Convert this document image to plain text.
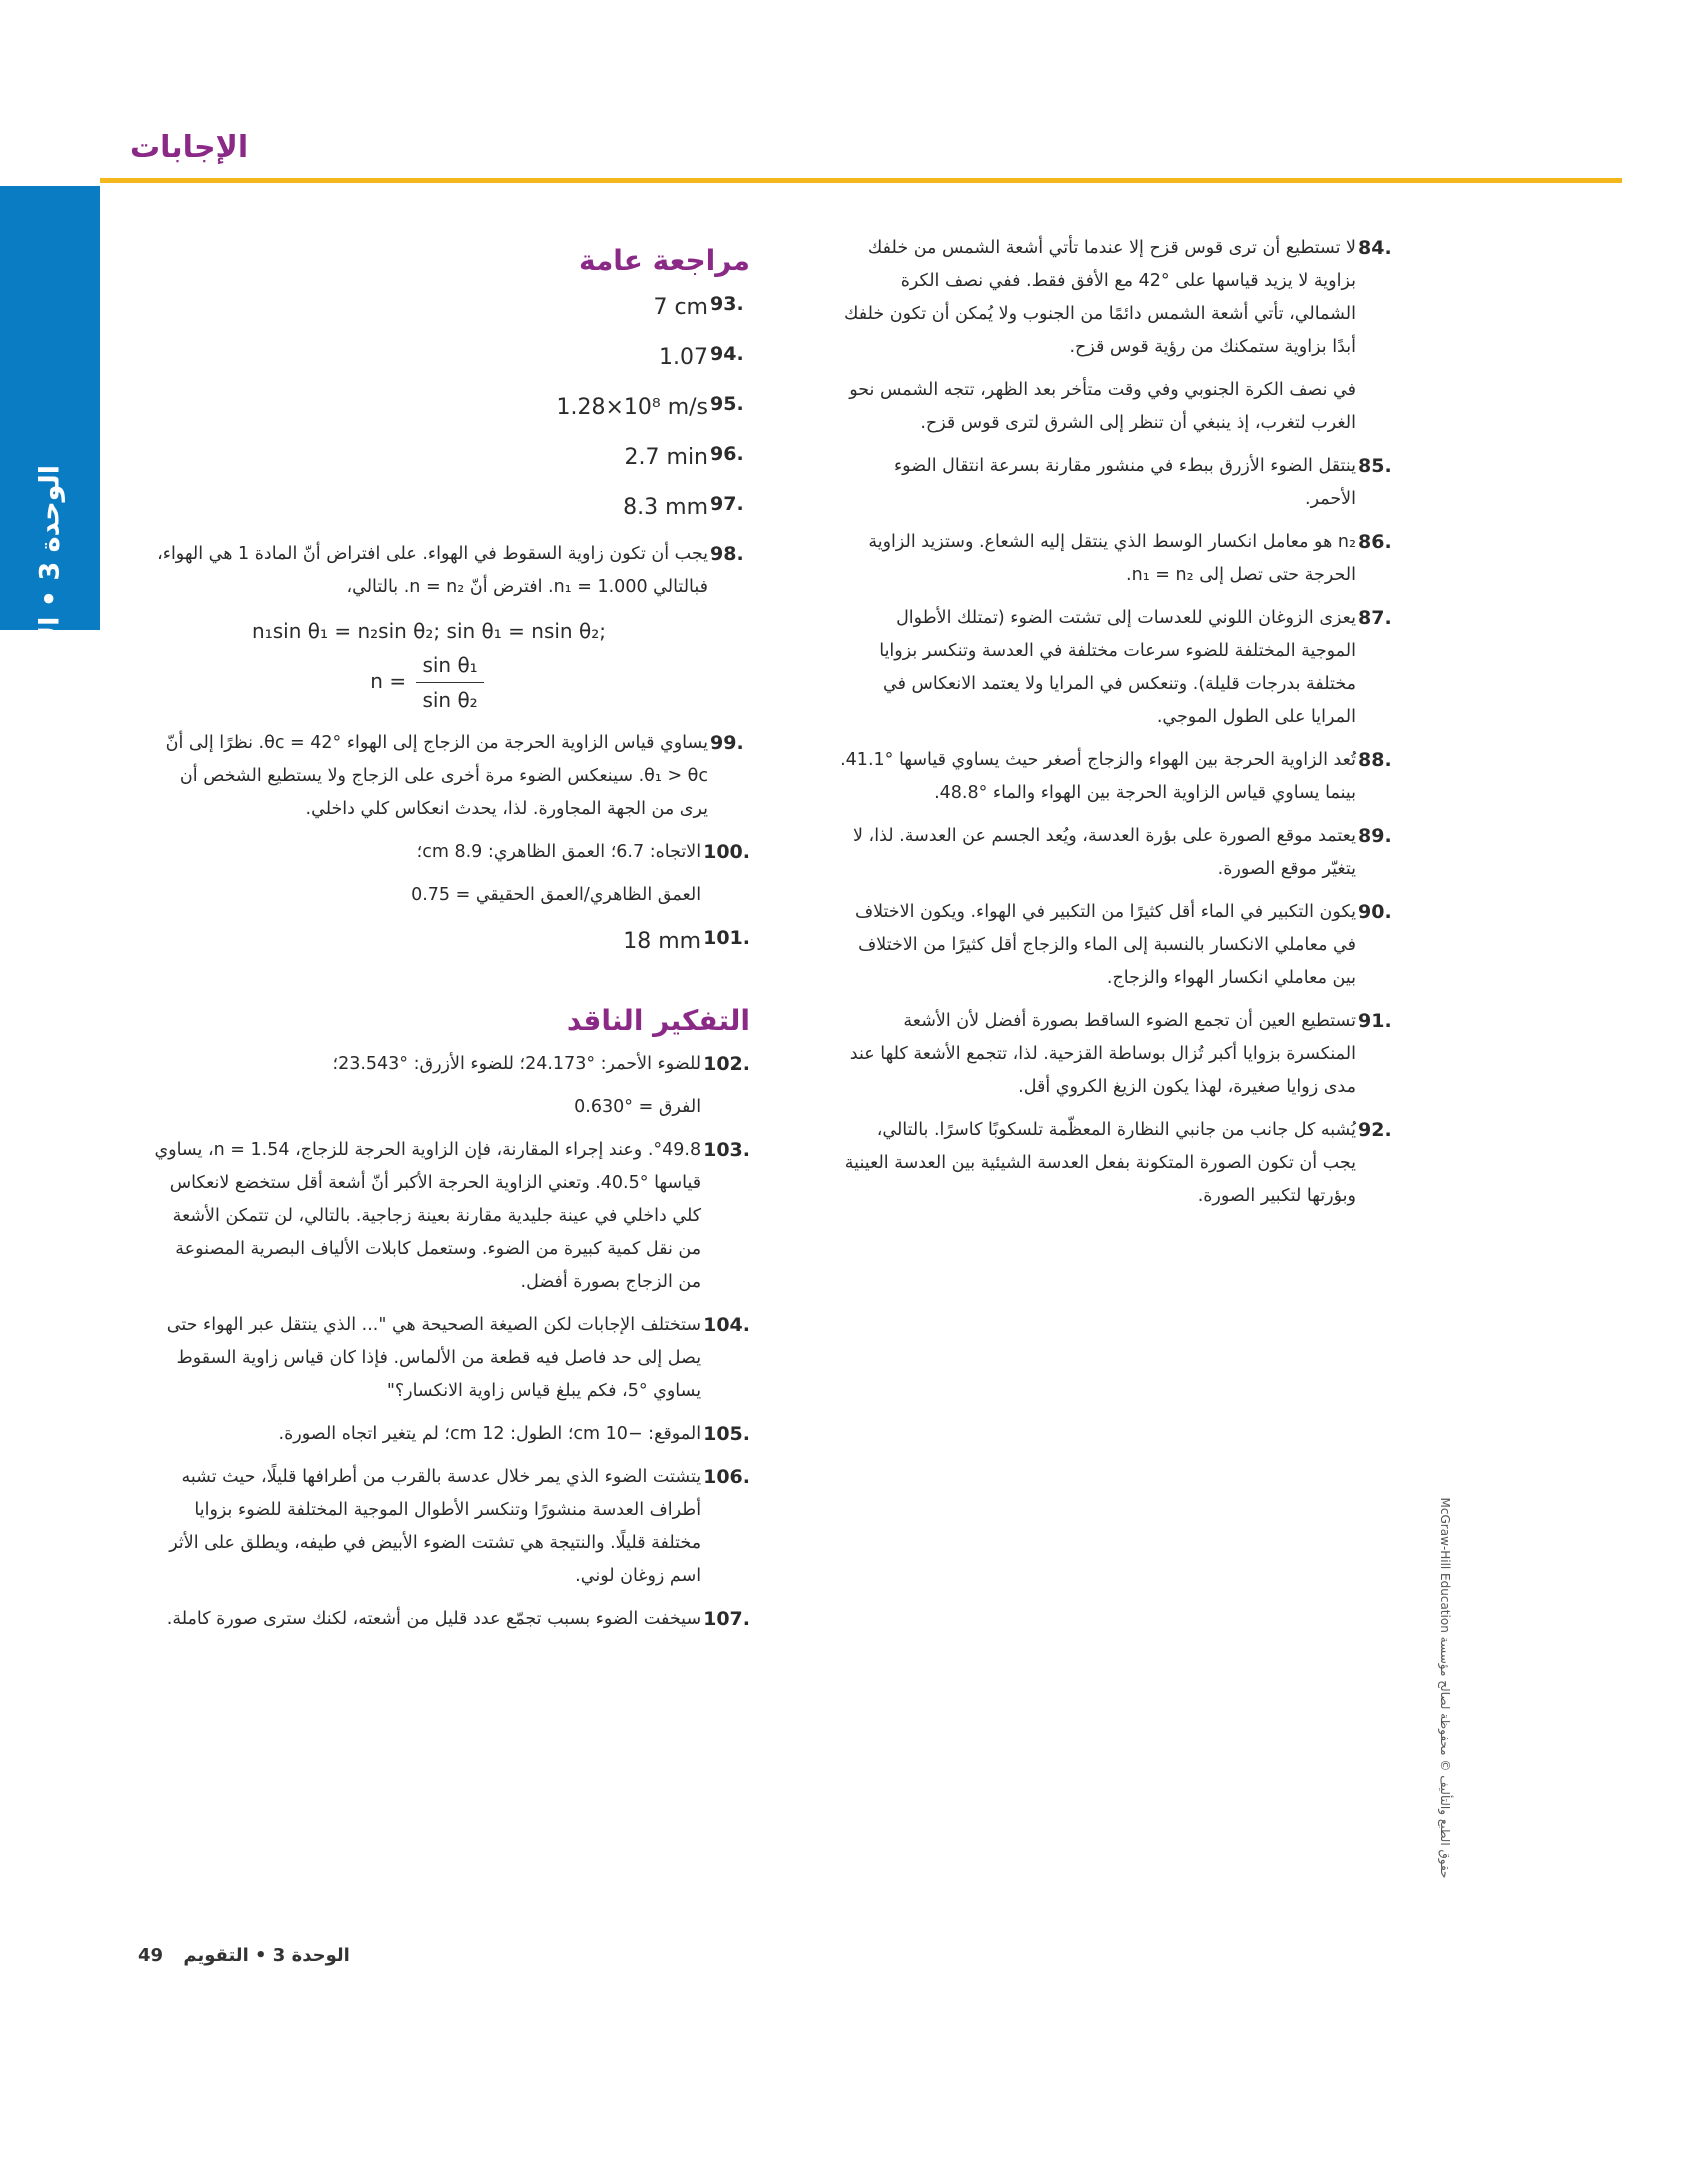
الإجابات
الوحدة 3 • الإجابات
84.

لا تستطيع أن ترى قوس قزح إلا عندما تأتي أشعة الشمس من خلفك بزاوية لا يزيد قياسها على °42 مع الأفق فقط. ففي نصف الكرة الشمالي، تأتي أشعة الشمس دائمًا من الجنوب ولا يُمكن أن تكون خلفك أبدًا بزاوية ستمكنك من رؤية قوس قزح.

في نصف الكرة الجنوبي وفي وقت متأخر بعد الظهر، تتجه الشمس نحو الغرب لتغرب، إذ ينبغي أن تنظر إلى الشرق لترى قوس قزح.

85.

ينتقل الضوء الأزرق ببطء في منشور مقارنة بسرعة انتقال الضوء الأحمر.

86.

n₂ هو معامل انكسار الوسط الذي ينتقل إليه الشعاع. وستزيد الزاوية الحرجة حتى تصل إلى n₁ = n₂.

87.

يعزى الزوغان اللوني للعدسات إلى تشتت الضوء (تمتلك الأطوال الموجية المختلفة للضوء سرعات مختلفة في العدسة وتنكسر بزوايا مختلفة بدرجات قليلة). وتنعكس في المرايا ولا يعتمد الانعكاس في المرايا على الطول الموجي.

88.

تُعد الزاوية الحرجة بين الهواء والزجاج أصغر حيث يساوي قياسها °41.1. بينما يساوي قياس الزاوية الحرجة بين الهواء والماء °48.8.

89.

يعتمد موقع الصورة على بؤرة العدسة، ويُعد الجسم عن العدسة. لذا، لا يتغيّر موقع الصورة.

90.

يكون التكبير في الماء أقل كثيرًا من التكبير في الهواء. ويكون الاختلاف في معاملي الانكسار بالنسبة إلى الماء والزجاج أقل كثيرًا من الاختلاف بين معاملي انكسار الهواء والزجاج.

91.

تستطيع العين أن تجمع الضوء الساقط بصورة أفضل لأن الأشعة المنكسرة بزوايا أكبر تُزال بوساطة القزحية. لذا، تتجمع الأشعة كلها عند مدى زوايا صغيرة، لهذا يكون الزيغ الكروي أقل.

92.

يُشبه كل جانب من جانبي النظارة المعظّمة تلسكوبًا كاسرًا. بالتالي، يجب أن تكون الصورة المتكونة بفعل العدسة الشيئية بين العدسة العينية وبؤرتها لتكبير الصورة.

مراجعة عامة
93.
7 cm
94.
1.07
95.
1.28×10⁸ m/s
96.
2.7 min
97.
8.3 mm
98.

يجب أن تكون زاوية السقوط في الهواء. على افتراض أنّ المادة 1 هي الهواء، فبالتالي n₁ = 1.000. افترض أنّ n = n₂. بالتالي،

n₁sin θ₁ = n₂sin θ₂; sin θ₁ = nsin θ₂;
$n = \frac{\text{sin θ₁}}{\text{sin θ₂}}$
99.

يساوي قياس الزاوية الحرجة من الزجاج إلى الهواء θc = 42°. نظرًا إلى أنّ θ₁ > θc. سينعكس الضوء مرة أخرى على الزجاج ولا يستطيع الشخص أن يرى من الجهة المجاورة. لذا، يحدث انعكاس كلي داخلي.

100.

الاتجاه: 6.7؛ العمق الظاهري: 8.9 cm؛

العمق الظاهري/العمق الحقيقي = 0.75

101.
18 mm
التفكير الناقد
102.

للضوء الأحمر: °24.173؛ للضوء الأزرق: °23.543؛

الفرق = °0.630

103.

°49.8. وعند إجراء المقارنة، فإن الزاوية الحرجة للزجاج، n = 1.54، يساوي قياسها °40.5. وتعني الزاوية الحرجة الأكبر أنّ أشعة أقل ستخضع لانعكاس كلي داخلي في عينة جليدية مقارنة بعينة زجاجية. بالتالي، لن تتمكن الأشعة من نقل كمية كبيرة من الضوء. وستعمل كابلات الألياف البصرية المصنوعة من الزجاج بصورة أفضل.

104.

ستختلف الإجابات لكن الصيغة الصحيحة هي "... الذي ينتقل عبر الهواء حتى يصل إلى حد فاصل فيه قطعة من الألماس. فإذا كان قياس زاوية السقوط يساوي °5، فكم يبلغ قياس زاوية الانكسار؟"

105.

الموقع: −10 cm؛ الطول: 12 cm؛ لم يتغير اتجاه الصورة.

106.

يتشتت الضوء الذي يمر خلال عدسة بالقرب من أطرافها قليلًا، حيث تشبه أطراف العدسة منشورًا وتنكسر الأطوال الموجية المختلفة للضوء بزوايا مختلفة قليلًا. والنتيجة هي تشتت الضوء الأبيض في طيفه، ويطلق على الأثر اسم زوغان لوني.

107.

سيخفت الضوء بسبب تجمّع عدد قليل من أشعته، لكنك سترى صورة كاملة.	حقوق الطبع والتأليف © محفوظة لصالح مؤسسة McGraw-Hill Education
الوحدة 3 • التقويم 49
